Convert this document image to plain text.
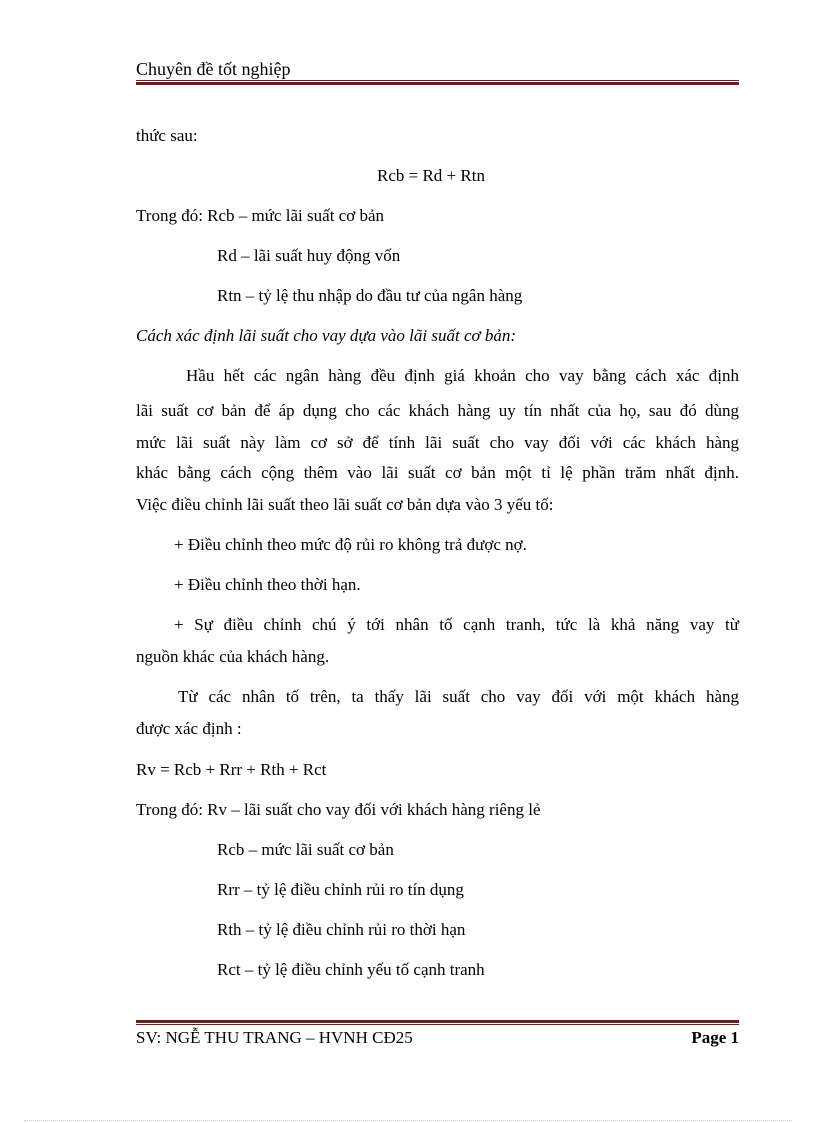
Chuyên đề tốt nghiệp
thức sau:
Rcb = Rd + Rtn
Trong đó: Rcb – mức lãi suất cơ bản
Rd – lãi suất huy động vốn
Rtn – tỷ lệ thu nhập do đầu tư của ngân hàng
Cách xác định lãi suất cho vay dựa vào lãi suất cơ bản:
Hầu hết các ngân hàng đều định giá khoản cho vay bằng cách xác định
lãi suất cơ bản để áp dụng cho các khách hàng uy tín nhất của họ, sau đó dùng
mức lãi suất này làm cơ sở để tính lãi suất cho vay đối với các khách hàng
khác bằng cách cộng thêm vào lãi suất cơ bản một tỉ lệ phần trăm nhất định.
Việc điều chỉnh lãi suất theo lãi suất cơ bản dựa vào 3 yếu tố:
+ Điều chỉnh theo mức độ rủi ro không trả được nợ.
+ Điều chỉnh theo thời hạn.
+ Sự điều chỉnh chú ý tới nhân tố cạnh tranh, tức là khả năng vay từ
nguồn khác của khách hàng.
Từ các nhân tố trên, ta thấy lãi suất cho vay đối với một khách hàng
được xác định :
Rv = Rcb + Rrr + Rth + Rct
Trong đó: Rv – lãi suất cho vay đối với khách hàng riêng lẻ
Rcb – mức lãi suất cơ bản
Rrr – tỷ lệ điều chỉnh rủi ro tín dụng
Rth – tỷ lệ điều chỉnh rủi ro thời hạn
Rct – tỷ lệ điều chỉnh yếu tố cạnh tranh
SV: NGỄ THU TRANG – HVNH CĐ25	Page 1
